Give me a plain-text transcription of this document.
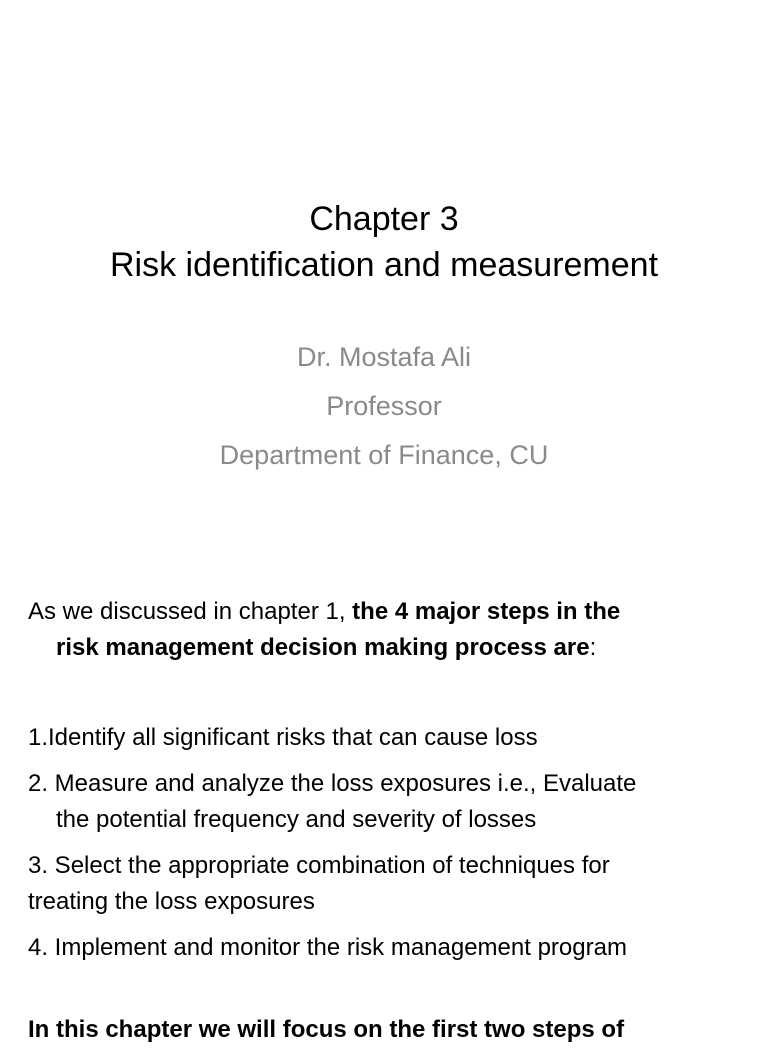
Chapter 3
Risk identification and measurement
Dr. Mostafa Ali
Professor
Department of Finance, CU
As we discussed in chapter 1, the 4 major steps in the
risk management decision making process are:
1.Identify all significant risks that can cause loss
2. Measure and analyze the loss exposures i.e., Evaluate
the potential frequency and severity of losses
3. Select the appropriate combination of techniques for
treating the loss exposures
4. Implement and monitor the risk management program
In this chapter we will focus on the first two steps of
